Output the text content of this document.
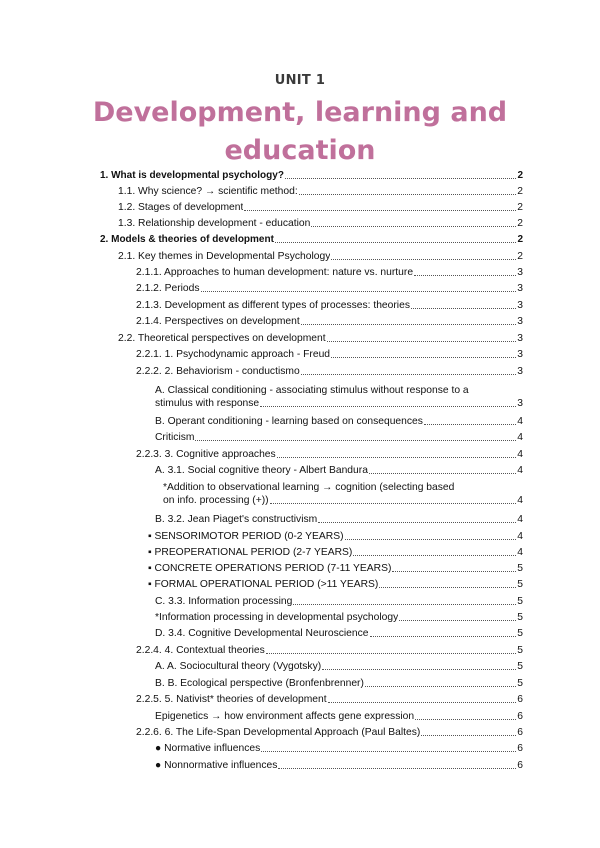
UNIT 1
Development, learning and
education
1. What is developmental psychology?	2
1.1. Why science? → scientific method:	2
1.2. Stages of development	2
1.3. Relationship development - education	2
2. Models & theories of development	2
2.1. Key themes in Developmental Psychology	2
2.1.1. Approaches to human development: nature vs. nurture	3
2.1.2. Periods	3
2.1.3. Development as different types of processes: theories	3
2.1.4. Perspectives on development	3
2.2. Theoretical perspectives on development	3
2.2.1. 1. Psychodynamic approach - Freud	3
2.2.2. 2. Behaviorism - conductismo	3
A. Classical conditioning - associating stimulus without response to a
stimulus with response	3
B. Operant conditioning - learning based on consequences	4
Criticism	4
2.2.3. 3. Cognitive approaches	4
A. 3.1. Social cognitive theory - Albert Bandura	4
*Addition to observational learning → cognition (selecting based
on info. processing (+))	4
B. 3.2. Jean Piaget's constructivism	4
▪ SENSORIMOTOR PERIOD (0-2 YEARS)	4
▪ PREOPERATIONAL PERIOD (2-7 YEARS)	4
▪ CONCRETE OPERATIONS PERIOD (7-11 YEARS)	5
▪ FORMAL OPERATIONAL PERIOD (>11 YEARS)	5
C. 3.3. Information processing	5
*Information processing in developmental psychology	5
D. 3.4. Cognitive Developmental Neuroscience	5
2.2.4. 4. Contextual theories	5
A. A. Sociocultural theory (Vygotsky)	5
B. B. Ecological perspective (Bronfenbrenner)	5
2.2.5. 5. Nativist* theories of development	6
Epigenetics → how environment affects gene expression	6
2.2.6. 6. The Life-Span Developmental Approach (Paul Baltes)	6
● Normative influences	6
● Nonnormative influences	6
